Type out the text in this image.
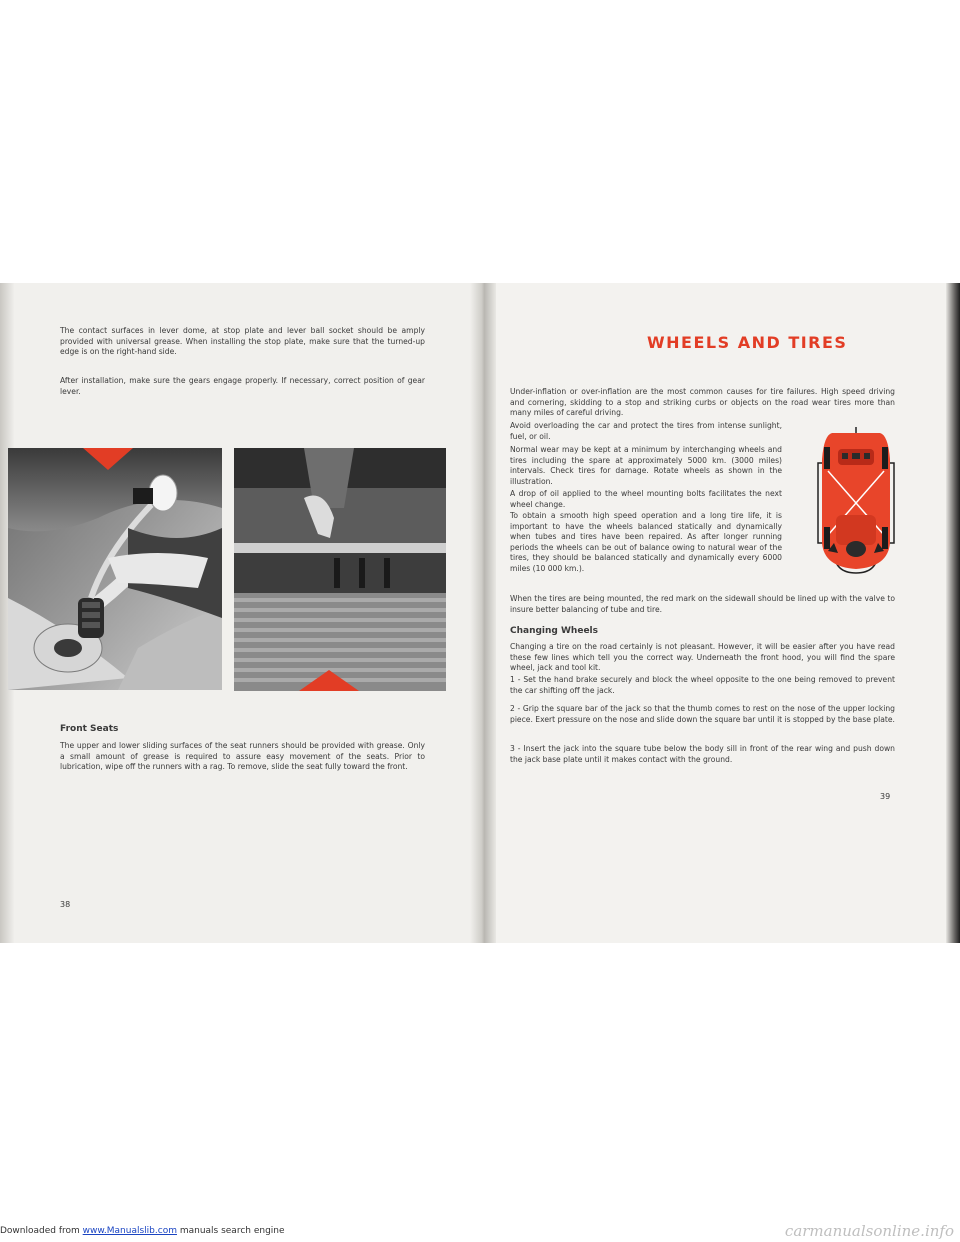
The contact surfaces in lever dome, at stop plate and lever ball socket should be amply provided with universal grease. When installing the stop plate, make sure that the turned-up edge is on the right-hand side.
After installation, make sure the gears engage properly. If necessary, correct position of gear lever.
Front Seats
The upper and lower sliding surfaces of the seat runners should be provided with grease. Only a small amount of grease is required to assure easy movement of the seats. Prior to lubrication, wipe off the runners with a rag. To remove, slide the seat fully toward the front.
38
WHEELS AND TIRES
Under-inflation or over-inflation are the most common causes for tire failures. High speed driving and cornering, skidding to a stop and striking curbs or objects on the road wear tires more than many miles of careful driving.
Avoid overloading the car and protect the tires from intense sunlight, fuel, or oil.
Normal wear may be kept at a minimum by interchanging wheels and tires including the spare at approximately 5000 km. (3000 miles) intervals. Check tires for damage. Rotate wheels as shown in the illustration.
A drop of oil applied to the wheel mounting bolts facilitates the next wheel change.
To obtain a smooth high speed operation and a long tire life, it is important to have the wheels balanced statically and dynamically when tubes and tires have been repaired. As after longer running periods the wheels can be out of balance owing to natural wear of the tires, they should be balanced statically and dynamically every 6000 miles (10 000 km.).
When the tires are being mounted, the red mark on the sidewall should be lined up with the valve to insure better balancing of tube and tire.
Changing Wheels
Changing a tire on the road certainly is not pleasant. However, it will be easier after you have read these few lines which tell you the correct way. Underneath the front hood, you will find the spare wheel, jack and tool kit.
1 - Set the hand brake securely and block the wheel opposite to the one being removed to prevent the car shifting off the jack.
2 - Grip the square bar of the jack so that the thumb comes to rest on the nose of the upper locking piece. Exert pressure on the nose and slide down the square bar until it is stopped by the base plate.
3 - Insert the jack into the square tube below the body sill in front of the rear wing and push down the jack base plate until it makes contact with the ground.
39
Downloaded from www.Manualslib.com manuals search engine	carmanualsonline.info
